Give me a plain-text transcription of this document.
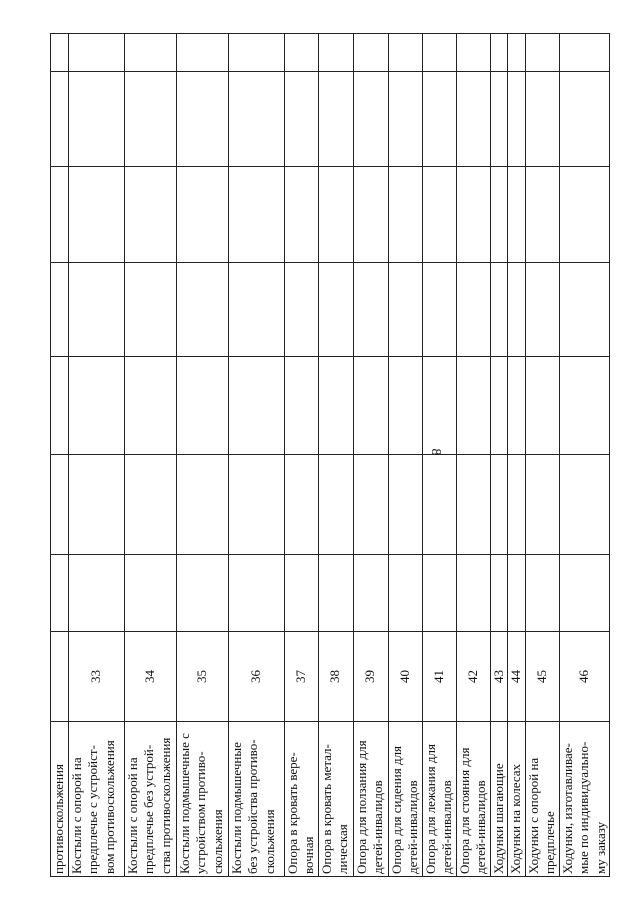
8
противоскольжения								
Костыли с опорой на
предплечье с устройст-
вом противоскольжения	33							
Костыли с опорой на
предплечье без устрой-
ства противоскольжения	34							
Костыли подмышечные с
устройством противо-
скольжения	35							
Костыли подмышечные
без устройства противо-
скольжения	36							
Опора в кровать вере-
вочная	37							
Опора в кровать метал-
лическая	38							
Опора для ползания для
детей-инвалидов	39							
Опора для сидения для
детей-инвалидов	40							
Опора для лежания для
детей-инвалидов	41							
Опора для стояния для
детей-инвалидов	42							
Ходунки шагающие	43							
Ходунки на колесах	44							
Ходунки с опорой на
предплечье	45							
Ходунки, изготавливае-
мые по индивидуально-
му заказу	46							
